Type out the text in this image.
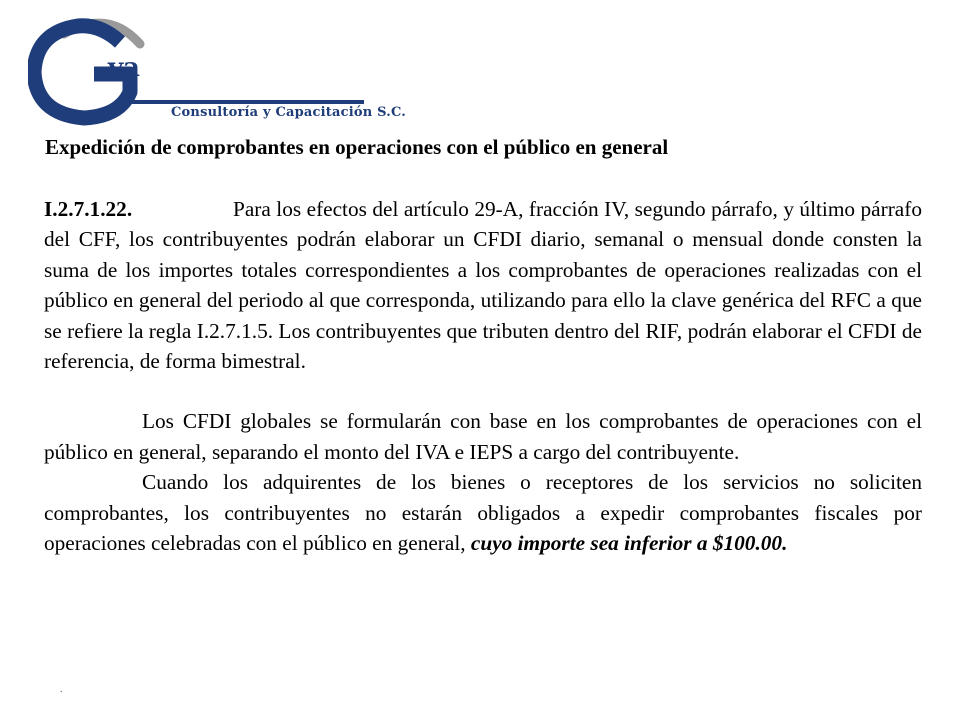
va
Consultoría y Capacitación S.C.
Expedición de comprobantes en operaciones con el público en general

I.2.7.1.22.	Para los efectos del artículo 29-A, fracción IV, segundo párrafo, y último párrafo del CFF, los contribuyentes podrán elaborar un CFDI diario, semanal o mensual donde consten la suma de los importes totales correspondientes a los comprobantes de operaciones realizadas con el público en general del periodo al que corresponda, utilizando para ello la clave genérica del RFC a que se refiere la regla I.2.7.1.5. Los contribuyentes que tributen dentro del RIF, podrán elaborar el CFDI de referencia, de forma bimestral.

Los CFDI globales se formularán con base en los comprobantes de operaciones con el público en general, separando el monto del IVA e IEPS a cargo del contribuyente.

Cuando los adquirentes de los bienes o receptores de los servicios no soliciten comprobantes, los contribuyentes no estarán obligados a expedir comprobantes fiscales por operaciones celebradas con el público en general, cuyo importe sea inferior a $100.00.

.
